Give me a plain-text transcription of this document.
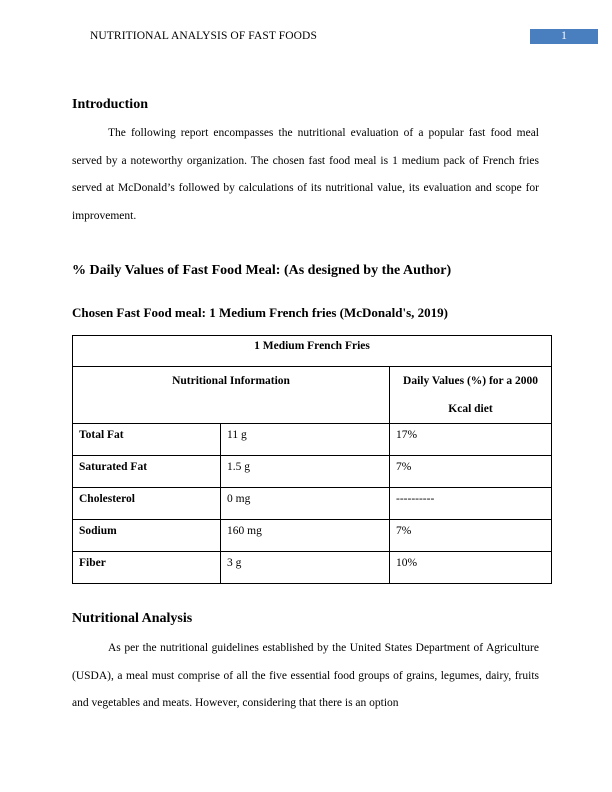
NUTRITIONAL ANALYSIS OF FAST FOODS	1
Introduction

The following report encompasses the nutritional evaluation of a popular fast food meal served by a noteworthy organization. The chosen fast food meal is 1 medium pack of French fries served at McDonald’s followed by calculations of its nutritional value, its evaluation and scope for improvement.

% Daily Values of Fast Food Meal: (As designed by the Author)
Chosen Fast Food meal: 1 Medium French fries (McDonald's, 2019)
1 Medium French Fries		
Nutritional Information		Daily Values (%) for a 2000 Kcal diet
Total Fat	11 g	17%
Saturated Fat	1.5 g	7%
Cholesterol	0 mg	----------
Sodium	160 mg	7%
Fiber	3 g	10%
Nutritional Analysis

As per the nutritional guidelines established by the United States Department of Agriculture (USDA), a meal must comprise of all the five essential food groups of grains, legumes, dairy, fruits and vegetables and meats. However, considering that there is an option
